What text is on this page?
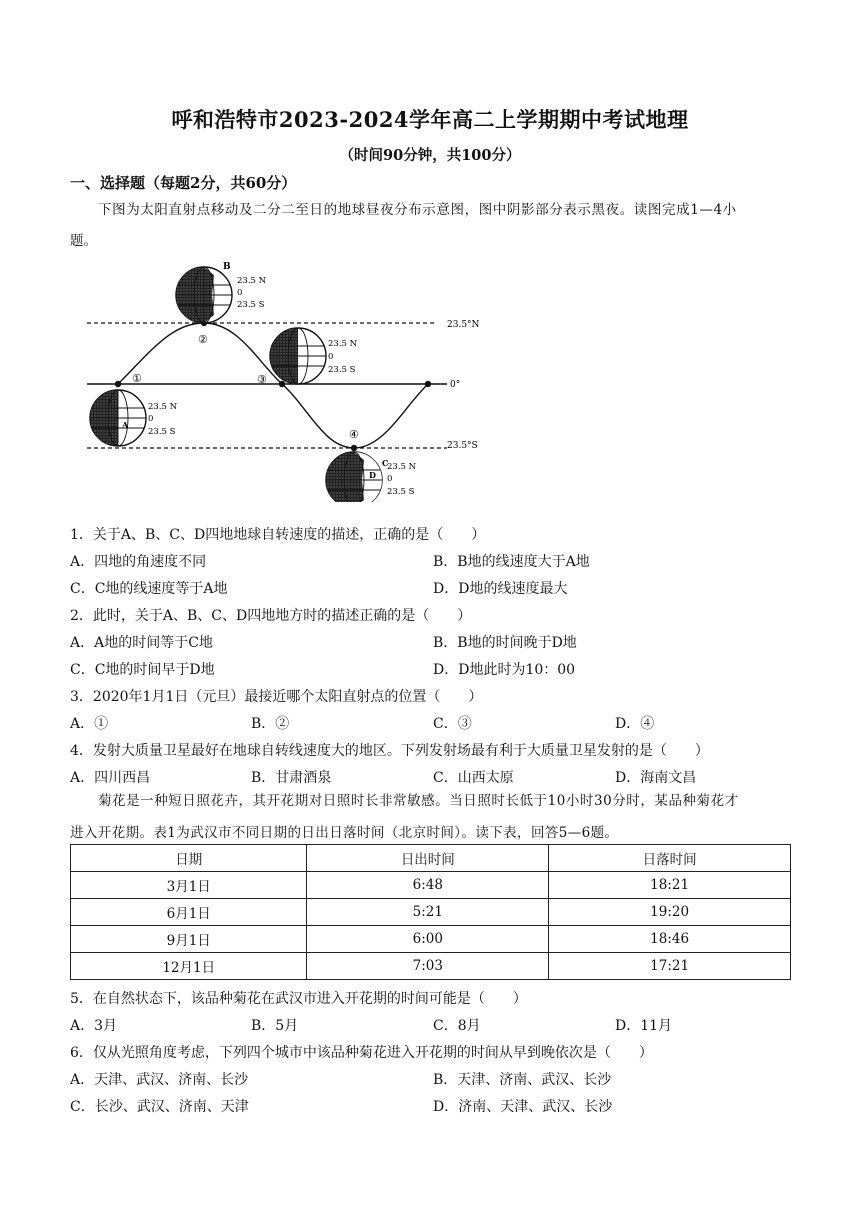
呼和浩特市2023-2024学年高二上学期期中考试地理
（时间90分钟，共100分）
一、选择题（每题2分，共60分）
下图为太阳直射点移动及二分二至日的地球昼夜分布示意图，图中阴影部分表示黑夜。读图完成1—4小
题。
23.5°N
0°
23.5°S
①
②
③
④
B
23.5 N
0
23.5 S
23.5 N
0
23.5 S
A
23.5 N
0
23.5 S
C
D
23.5 N
0
23.5 S
1．关于A、B、C、D四地地球自转速度的描述，正确的是（　　）
A．四地的角速度不同	B．B地的线速度大于A地
C．C地的线速度等于A地	D．D地的线速度最大
2．此时，关于A、B、C、D四地地方时的描述正确的是（　　）
A．A地的时间等于C地	B．B地的时间晚于D地
C．C地的时间早于D地	D．D地此时为10：00
3．2020年1月1日（元旦）最接近哪个太阳直射点的位置（　　）
A．①	B．②	C．③	D．④
4．发射大质量卫星最好在地球自转线速度大的地区。下列发射场最有利于大质量卫星发射的是（　　）
A．四川西昌	B．甘肃酒泉	C．山西太原	D．海南文昌
菊花是一种短日照花卉，其开花期对日照时长非常敏感。当日照时长低于10小时30分时，某品种菊花才
进入开花期。表1为武汉市不同日期的日出日落时间（北京时间）。读下表，回答5—6题。
日期	日出时间	日落时间
3月1日	6:48	18:21
6月1日	5:21	19:20
9月1日	6:00	18:46
12月1日	7:03	17:21
5．在自然状态下，该品种菊花在武汉市进入开花期的时间可能是（　　）
A．3月	B．5月	C．8月	D．11月
6．仅从光照角度考虑，下列四个城市中该品种菊花进入开花期的时间从早到晚依次是（　　）
A．天津、武汉、济南、长沙	B．天津、济南、武汉、长沙
C．长沙、武汉、济南、天津	D．济南、天津、武汉、长沙
